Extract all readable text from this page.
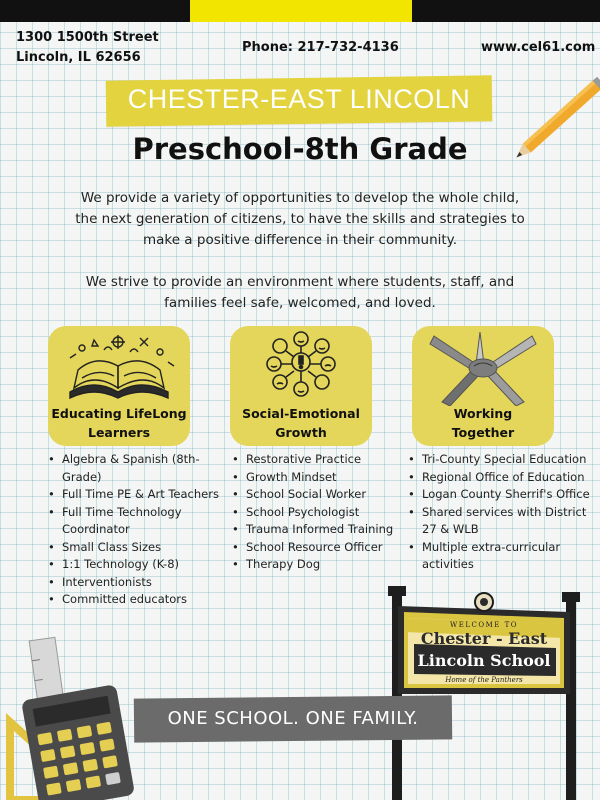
1300 1500th Street
Lincoln, IL 62656
Phone: 217-732-4136	www.cel61.com
CHESTER-EAST LINCOLN
Preschool-8th Grade

We provide a variety of opportunities to develop the whole child, the next generation of citizens, to have the skills and strategies to make a positive difference in their community.

We strive to provide an environment where students, staff, and families feel safe, welcomed, and loved.

Educating LifeLong
Learners
Social-Emotional
Growth
Working
Together
• Algebra & Spanish (8th-Grade)
• Full Time PE & Art Teachers
• Full Time Technology Coordinator
• Small Class Sizes
• 1:1 Technology (K-8)
• Interventionists
• Committed educators
• Restorative Practice
• Growth Mindset
• School Social Worker
• School Psychologist
• Trauma Informed Training
• School Resource Officer
• Therapy Dog
• Tri-County Special Education
• Regional Office of Education
• Logan County Sherrif's Office
• Shared services with District 27 & WLB
• Multiple extra-curricular activities
WELCOME TO
Chester - East
Lincoln School
Home of the Panthers
ONE SCHOOL. ONE FAMILY.
